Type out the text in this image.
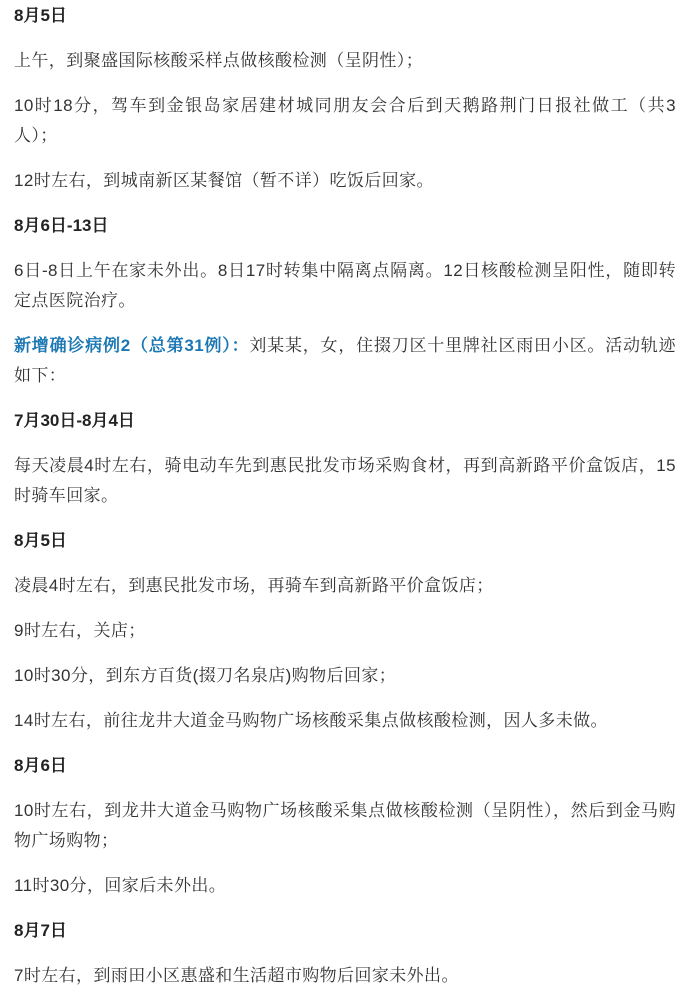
8月5日

上午，到聚盛国际核酸采样点做核酸检测（呈阴性）；

10时18分，驾车到金银岛家居建材城同朋友会合后到天鹅路荆门日报社做工（共3人）；

12时左右，到城南新区某餐馆（暂不详）吃饭后回家。

8月6日-13日

6日-8日上午在家未外出。8日17时转集中隔离点隔离。12日核酸检测呈阳性，随即转定点医院治疗。

新增确诊病例2（总第31例）：刘某某，女，住掇刀区十里牌社区雨田小区。活动轨迹如下：

7月30日-8月4日

每天凌晨4时左右，骑电动车先到惠民批发市场采购食材，再到高新路平价盒饭店，15时骑车回家。

8月5日

凌晨4时左右，到惠民批发市场，再骑车到高新路平价盒饭店；

9时左右，关店；

10时30分，到东方百货(掇刀名泉店)购物后回家；

14时左右，前往龙井大道金马购物广场核酸采集点做核酸检测，因人多未做。

8月6日

10时左右，到龙井大道金马购物广场核酸采集点做核酸检测（呈阴性），然后到金马购物广场购物；

11时30分，回家后未外出。

8月7日

7时左右，到雨田小区惠盛和生活超市购物后回家未外出。
